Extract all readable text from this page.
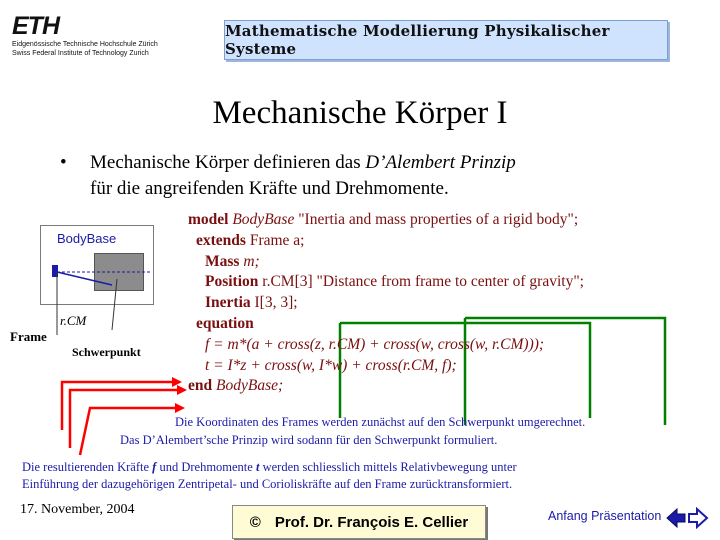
ETH
Eidgenössische Technische Hochschule Zürich
Swiss Federal Institute of Technology Zurich
Mathematische Modellierung Physikalischer Systeme
Mechanische Körper I
• Mechanische Körper definieren das D’Alembert Prinzip
für die angreifenden Kräfte und Drehmomente.
BodyBase
Frame
r.CM
Schwerpunkt
model BodyBase "Inertia and mass properties of a rigid body";
extends Frame a;
Mass m;
Position r.CM[3] "Distance from frame to center of gravity";
Inertia I[3, 3];
equation
f = m*(a + cross(z, r.CM) + cross(w, cross(w, r.CM)));
t = I*z + cross(w, I*w) + cross(r.CM, f);
end BodyBase;
Die Koordinaten des Frames werden zunächst auf den Schwerpunkt umgerechnet.
Das D’Alembert’sche Prinzip wird sodann für den Schwerpunkt formuliert.
Die resultierenden Kräfte f und Drehmomente t werden schliesslich mittels Relativbewegung unter
Einführung der dazugehörigen Zentripetal- und Corioliskräfte auf den Frame zurücktransformiert.
17. November, 2004
© Prof. Dr. François E. Cellier	Anfang Präsentation
